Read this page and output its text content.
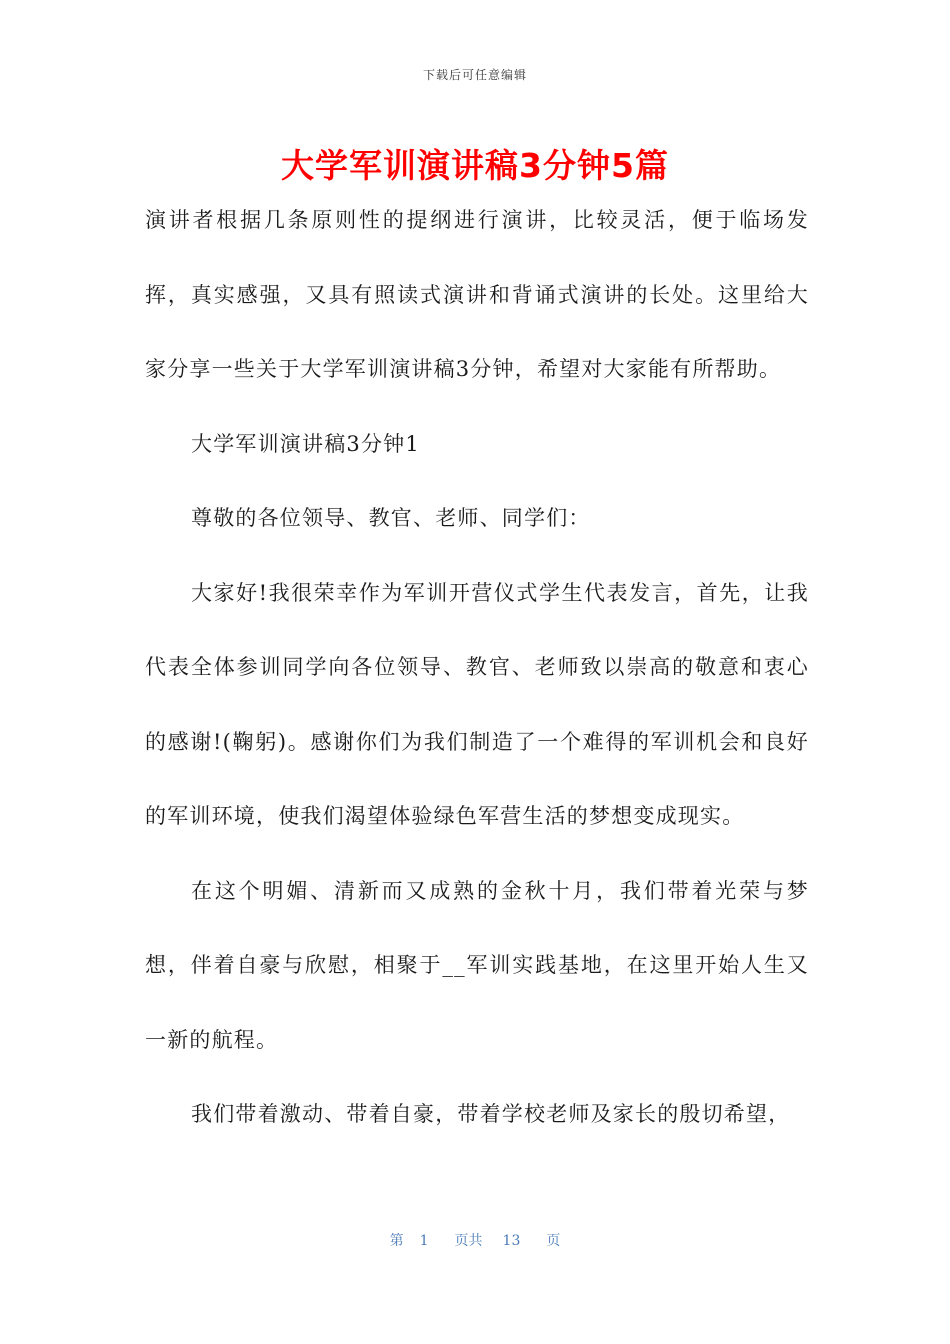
下载后可任意编辑
大学军训演讲稿3分钟5篇

演讲者根据几条原则性的提纲进行演讲，比较灵活，便于临场发挥，真实感强，又具有照读式演讲和背诵式演讲的长处。这里给大家分享一些关于大学军训演讲稿3分钟，希望对大家能有所帮助。

大学军训演讲稿3分钟1

尊敬的各位领导、教官、老师、同学们：

大家好!我很荣幸作为军训开营仪式学生代表发言，首先，让我代表全体参训同学向各位领导、教官、老师致以崇高的敬意和衷心的感谢!(鞠躬)。感谢你们为我们制造了一个难得的军训机会和良好的军训环境，使我们渴望体验绿色军营生活的梦想变成现实。

在这个明媚、清新而又成熟的金秋十月，我们带着光荣与梦想，伴着自豪与欣慰，相聚于__军训实践基地，在这里开始人生又一新的航程。

我们带着激动、带着自豪，带着学校老师及家长的殷切希望，

第 1 页共 13 页
